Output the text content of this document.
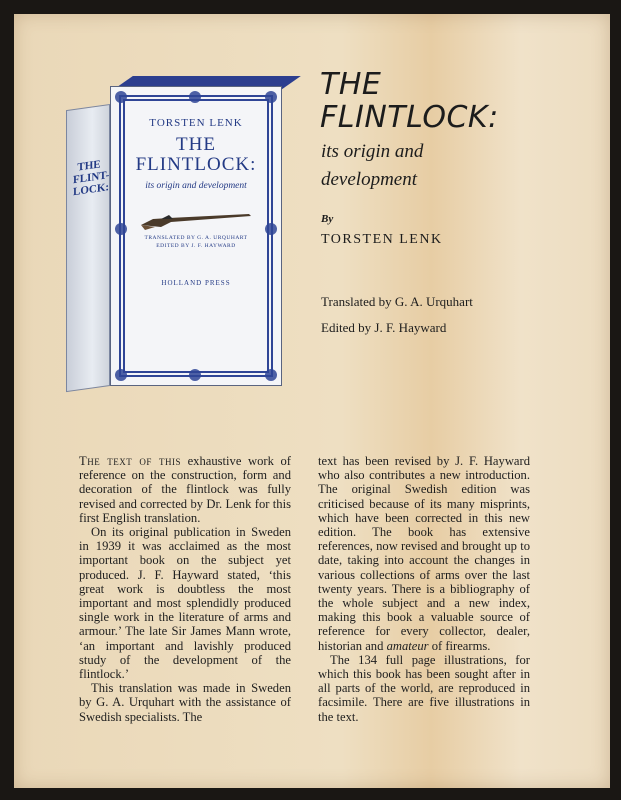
THE FLINT-LOCK:
TORSTEN LENK
THE
FLINTLOCK:
its origin and development
TRANSLATED BY G. A. URQUHART
EDITED BY J. F. HAYWARD
HOLLAND PRESS
THE
FLINTLOCK:
its origin and
development
By
TORSTEN LENK
Translated by G. A. Urquhart
Edited by J. F. Hayward

The text of this exhaustive work of reference on the construction, form and decoration of the flintlock was fully revised and corrected by Dr. Lenk for this first English translation.

On its original publication in Sweden in 1939 it was acclaimed as the most important book on the subject yet produced. J. F. Hayward stated, ‘this great work is doubtless the most important and most splendidly produced single work in the literature of arms and armour.’ The late Sir James Mann wrote, ‘an important and lavishly produced study of the development of the flintlock.’

This translation was made in Sweden by G. A. Urquhart with the assistance of Swedish specialists. The

text has been revised by J. F. Hayward who also contributes a new introduction. The original Swedish edition was criticised because of its many misprints, which have been corrected in this new edition. The book has extensive references, now revised and brought up to date, taking into account the changes in various collections of arms over the last twenty years. There is a bibliography of the whole subject and a new index, making this book a valuable source of reference for every collector, dealer, historian and amateur of firearms.

The 134 full page illustrations, for which this book has been sought after in all parts of the world, are reproduced in facsimile. There are five illustrations in the text.
